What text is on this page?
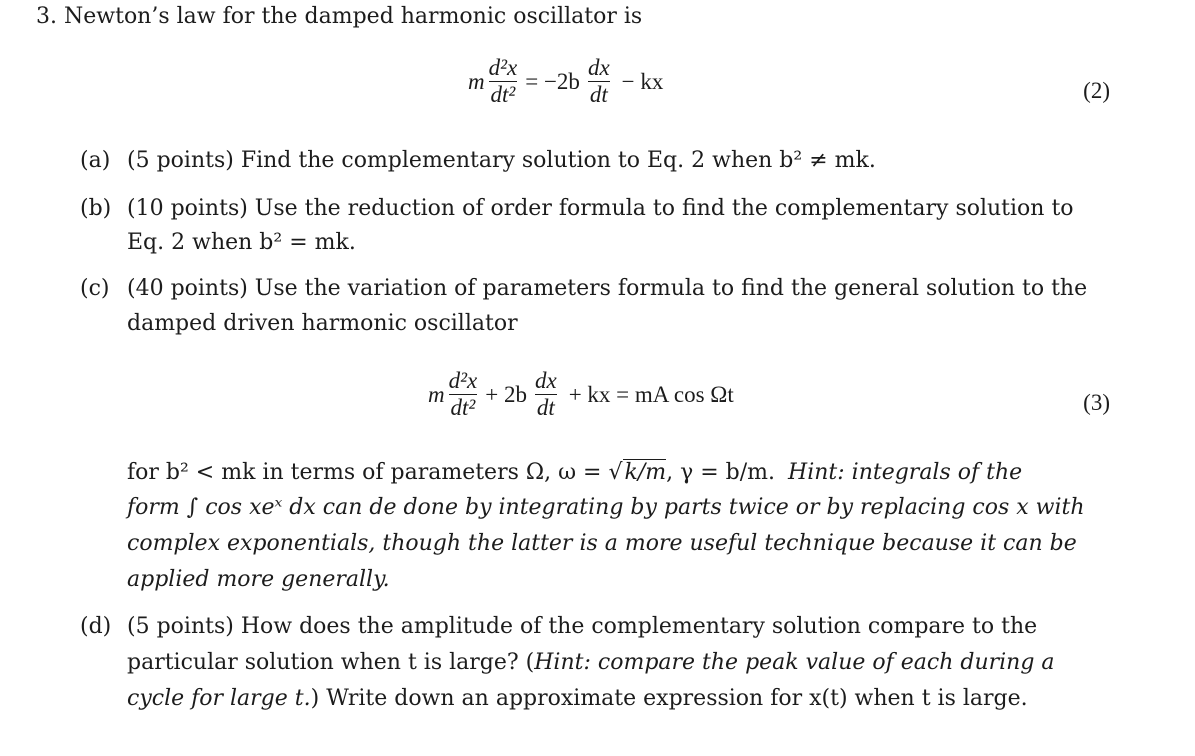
3. Newton’s law for the damped harmonic oscillator is
m $\frac{\text{d²x}}{\text{dt²}} = -2b \frac{dx}{dt}$ − kx	(2)
(a) (5 points) Find the complementary solution to Eq. 2 when b² ≠ mk.
(b) (10 points) Use the reduction of order formula to find the complementary solution to
Eq. 2 when b² = mk.
(c) (40 points) Use the variation of parameters formula to find the general solution to the
damped driven harmonic oscillator
m $\frac{\text{d²x}}{\text{dt²}} + 2b \frac{dx}{dt}$ + kx = mA cos Ωt	(3)
for b² < mk in terms of parameters Ω, ω = √k/m, γ = b/m. Hint: integrals of the
form ∫ cos xeˣ dx can de done by integrating by parts twice or by replacing cos x with
complex exponentials, though the latter is a more useful technique because it can be
applied more generally.
(d) (5 points) How does the amplitude of the complementary solution compare to the
particular solution when t is large? (Hint: compare the peak value of each during a
cycle for large t.) Write down an approximate expression for x(t) when t is large.
